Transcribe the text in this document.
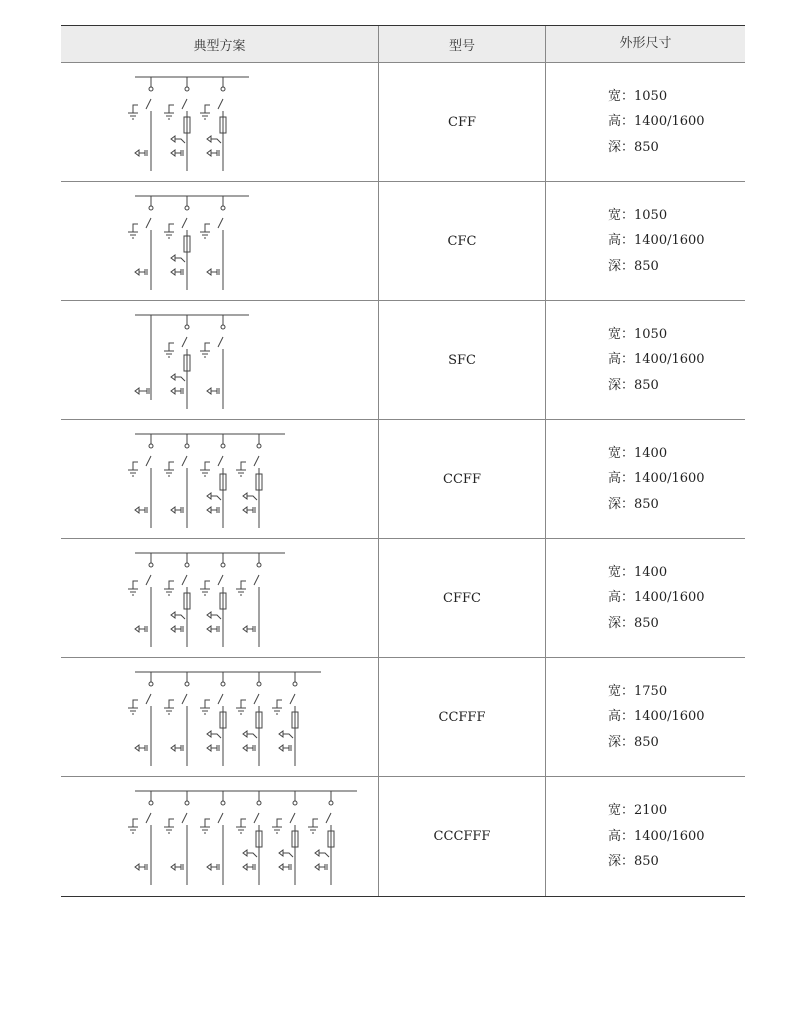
典型方案	型号	外形尺寸
CFF
宽：1050
高：1400/1600
深：850
CFC
宽：1050
高：1400/1600
深：850
SFC
宽：1050
高：1400/1600
深：850
CCFF
宽：1400
高：1400/1600
深：850
CFFC
宽：1400
高：1400/1600
深：850
CCFFF
宽：1750
高：1400/1600
深：850
CCCFFF
宽：2100
高：1400/1600
深：850
